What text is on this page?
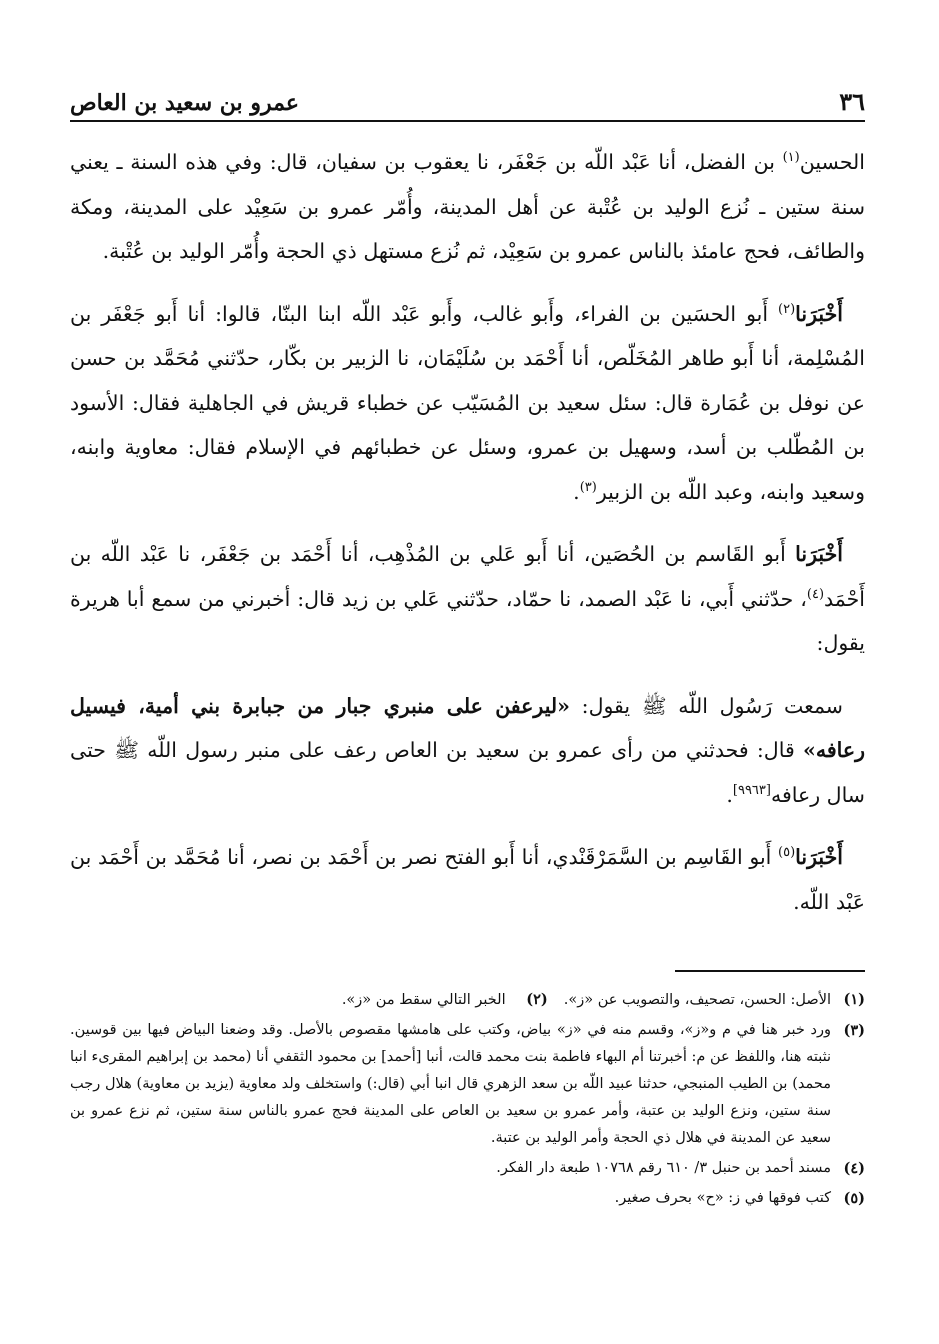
٣٦
عمرو بن سعيد بن العاص

الحسين$^{(١)}$ بن الفضل، أنا عَبْد اللّه بن جَعْفَر، نا يعقوب بن سفيان، قال: وفي هذه السنة ـ يعني سنة ستين ـ نُزع الوليد بن عُتْبة عن أهل المدينة، وأُمّر عمرو بن سَعِيْد على المدينة، ومكة والطائف، فحج عامئذ بالناس عمرو بن سَعِيْد، ثم نُزع مستهل ذي الحجة وأُمّر الوليد بن عُتْبة.

أَخْبَرَنا$^{(٢)}$ أَبو الحسَين بن الفراء، وأَبو غالب، وأَبو عَبْد اللّه ابنا البنّا، قالوا: أنا أَبو جَعْفَر بن المُسْلِمة، أنا أَبو طاهر المُخَلّص، أنا أَحْمَد بن سُلَيْمَان، نا الزبير بن بكّار، حدّثني مُحَمَّد بن حسن عن نوفل بن عُمَارة قال: سئل سعيد بن المُسَيّب عن خطباء قريش في الجاهلية فقال: الأسود بن المُطّلب بن أسد، وسهيل بن عمرو، وسئل عن خطبائهم في الإسلام فقال: معاوية وابنه، وسعيد وابنه، وعبد اللّه بن الزبير$^{(٣)}$.

أَخْبَرَنا أَبو القَاسم بن الحُصَين، أنا أَبو عَلي بن المُذْهِب، أنا أَحْمَد بن جَعْفَر، نا عَبْد اللّه بن أَحْمَد$^{(٤)}$، حدّثني أَبي، نا عَبْد الصمد، نا حمّاد، حدّثني عَلي بن زيد قال: أخبرني من سمع أبا هريرة يقول:

سمعت رَسُول اللّه ﷺ يقول: «ليرعفن على منبري جبار من جبابرة بني أمية، فيسيل رعافه» قال: فحدثني من رأى عمرو بن سعيد بن العاص رعف على منبر رسول اللّه ﷺ حتى سال رعافه[٩٩٦٣].

أَخْبَرَنا$^{(٥)}$ أَبو القَاسِم بن السَّمَرْقَنْدي، أنا أَبو الفتح نصر بن أَحْمَد بن نصر، أنا مُحَمَّد بن أَحْمَد بن عَبْد اللّه.

(١)
الأصل: الحسن، تصحيف، والتصويب عن «ز».(٢) الخبر التالي سقط من «ز».
(٣)
ورد خبر هنا في م و«ز»، وقسم منه في «ز» بياض، وكتب على هامشها مقصوص بالأصل. وقد وضعنا البياض فيها بين قوسين. نثبته هنا، واللفظ عن م: أخبرتنا أم البهاء فاطمة بنت محمد قالت، أنبا [أحمد] بن محمود الثقفي أنا (محمد بن إبراهيم المقرىء انبا محمد) بن الطيب المنبجي، حدثنا عبيد اللّه بن سعد الزهري قال انبا أبي (قال:) واستخلف ولد معاوية (يزيد بن معاوية) هلال رجب سنة ستين، ونزع الوليد بن عتبة، وأمر عمرو بن سعيد بن العاص على المدينة فحج عمرو بالناس سنة ستين، ثم نزع عمرو بن سعيد عن المدينة في هلال ذي الحجة وأمر الوليد بن عتبة.
(٤)
مسند أحمد بن حنبل ٣/ ٦١٠ رقم ١٠٧٦٨ طبعة دار الفكر.
(٥)
كتب فوقها في ز: «ح» بحرف صغير.
